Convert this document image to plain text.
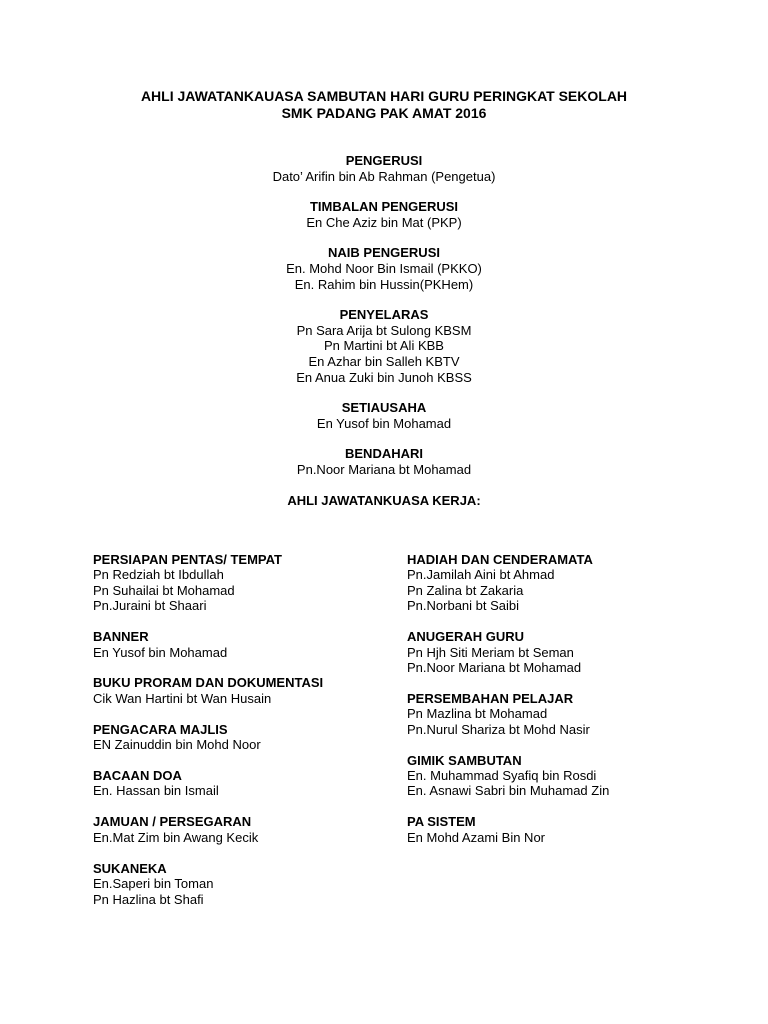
AHLI JAWATANKAUASA SAMBUTAN HARI GURU PERINGKAT SEKOLAH
SMK PADANG PAK AMAT 2016
PENGERUSI
Dato’ Arifin bin Ab Rahman (Pengetua)
TIMBALAN PENGERUSI
En Che Aziz bin Mat (PKP)
NAIB PENGERUSI
En. Mohd Noor Bin Ismail (PKKO)
En. Rahim bin Hussin(PKHem)
PENYELARAS
Pn Sara Arija bt Sulong KBSM
Pn Martini bt Ali KBB
En Azhar bin Salleh KBTV
En Anua Zuki bin Junoh KBSS
SETIAUSAHA
En Yusof bin Mohamad
BENDAHARI
Pn.Noor Mariana bt Mohamad
AHLI JAWATANKUASA KERJA:
PERSIAPAN PENTAS/ TEMPAT
Pn Redziah bt Ibdullah
Pn Suhailai bt Mohamad
Pn.Juraini bt Shaari
BANNER
En Yusof bin Mohamad
BUKU PRORAM DAN DOKUMENTASI
Cik Wan Hartini bt Wan Husain
PENGACARA MAJLIS
EN Zainuddin bin Mohd Noor
BACAAN DOA
En. Hassan bin Ismail
JAMUAN / PERSEGARAN
En.Mat Zim bin Awang Kecik
SUKANEKA
En.Saperi bin Toman
Pn Hazlina bt Shafi
HADIAH DAN CENDERAMATA
Pn.Jamilah Aini bt Ahmad
Pn Zalina bt Zakaria
Pn.Norbani bt Saibi
ANUGERAH GURU
Pn Hjh Siti Meriam bt Seman
Pn.Noor Mariana bt Mohamad
PERSEMBAHAN PELAJAR
Pn Mazlina bt Mohamad
Pn.Nurul Shariza bt Mohd Nasir
GIMIK SAMBUTAN
En. Muhammad Syafiq bin Rosdi
En. Asnawi Sabri bin Muhamad Zin
PA SISTEM
En Mohd Azami Bin Nor
